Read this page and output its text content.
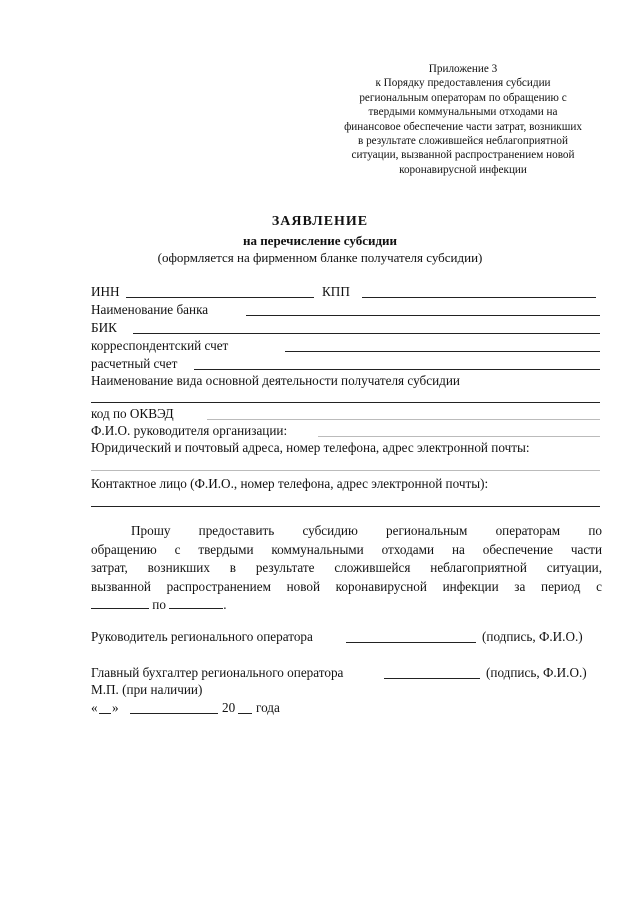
Приложение 3
к Порядку предоставления субсидии
региональным операторам по обращению с
твердыми коммунальными отходами на
финансовое обеспечение части затрат, возникших
в результате сложившейся неблагоприятной
ситуации, вызванной распространением новой
коронавирусной инфекции
ЗАЯВЛЕНИЕ
на перечисление субсидии
(оформляется на фирменном бланке получателя субсидии)
ИНН	КПП
Наименование банка
БИК
корреспондентский счет
расчетный счет
Наименование вида основной деятельности получателя субсидии
код по ОКВЭД
Ф.И.О. руководителя организации:
Юридический и почтовый адреса, номер телефона, адрес электронной почты:
Контактное лицо (Ф.И.О., номер телефона, адрес электронной почты):
Прошу предоставить субсидию региональным операторам по
обращению с твердыми коммунальными отходами на обеспечение части
затрат, возникших в результате сложившейся неблагоприятной ситуации,
вызванной распространением новой коронавирусной инфекции за период с
по	.
Руководитель регионального оператора	(подпись, Ф.И.О.)
Главный бухгалтер регионального оператора	(подпись, Ф.И.О.)
М.П. (при наличии)
« »	20 года
